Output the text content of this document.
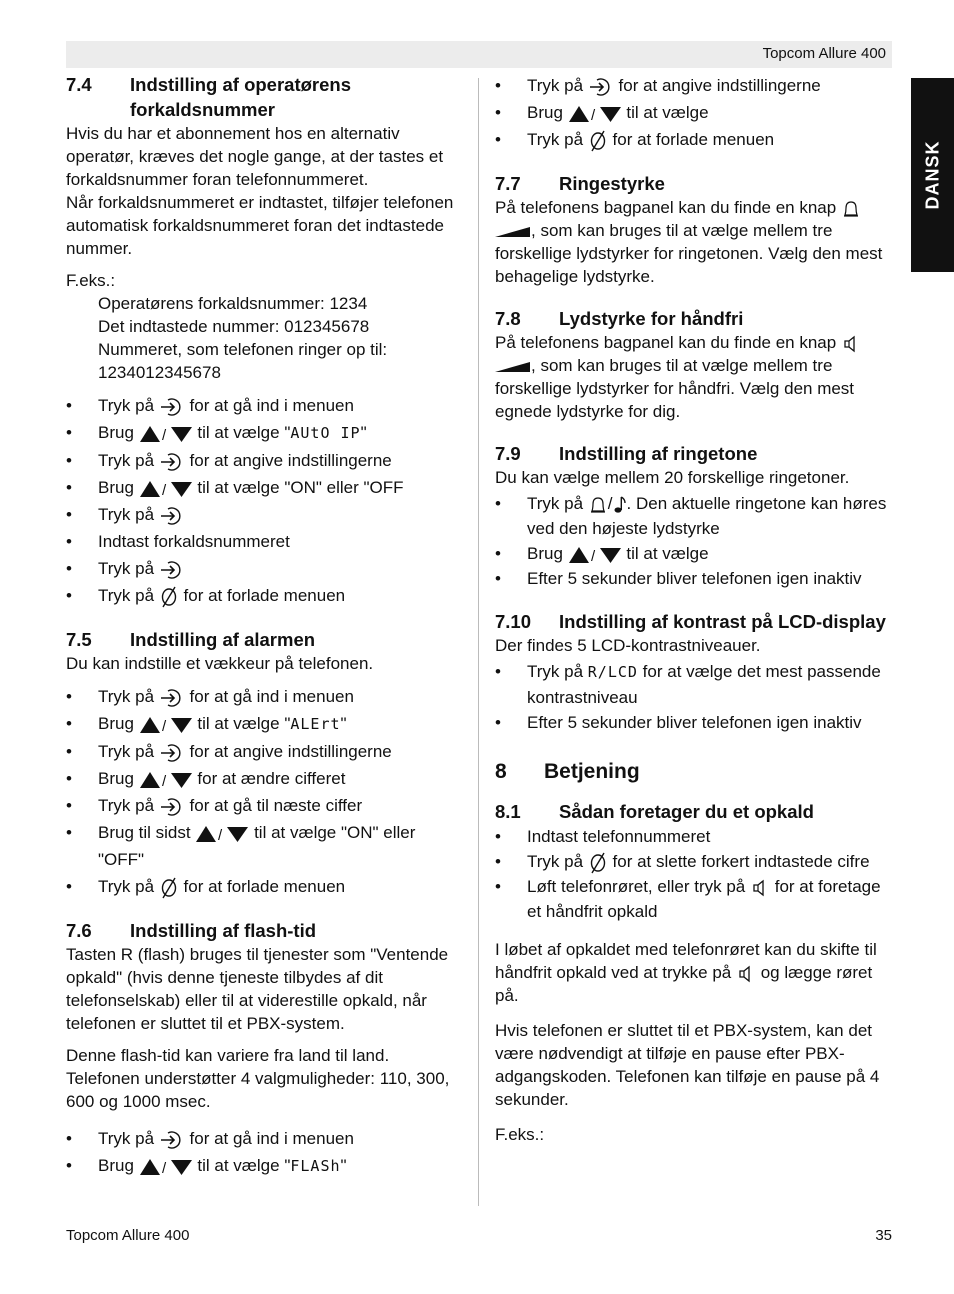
Topcom Allure 400
DANSK
7.4	Indstilling af operatørens forkaldsnummer

Hvis du har et abonnement hos en alternativ operatør, kræves det nogle gange, at der tastes et forkaldsnummer foran telefonnummeret.

Når forkaldsnummeret er indtastet, tilføjer telefonen automatisk forkaldsnummeret foran det indtastede nummer.

F.eks.:

Operatørens forkaldsnummer: 1234

Det indtastede nummer: 012345678

Nummeret, som telefonen ringer op til: 1234012345678

• Tryk på for at gå ind i menuen
• Brug / til at vælge "AUtO IP"
• Tryk på for at angive indstillingerne
• Brug / til at vælge "ON" eller "OFF
• Tryk på
• Indtast forkaldsnummeret
• Tryk på
• Tryk på for at forlade menuen
7.5	Indstilling af alarmen

Du kan indstille et vækkeur på telefonen.

• Tryk på for at gå ind i menuen
• Brug / til at vælge "ALErt"
• Tryk på for at angive indstillingerne
• Brug / for at ændre cifferet
• Tryk på for at gå til næste ciffer
• Brug til sidst / til at vælge "ON" eller "OFF"
• Tryk på for at forlade menuen
7.6	Indstilling af flash-tid

Tasten R (flash) bruges til tjenester som "Ventende opkald" (hvis denne tjeneste tilbydes af dit telefonselskab) eller til at viderestille opkald, når telefonen er sluttet til et PBX-system.

Denne flash-tid kan variere fra land til land. Telefonen understøtter 4 valgmuligheder: 110, 300, 600 og 1000 msec.

• Tryk på for at gå ind i menuen
• Brug / til at vælge "FLASh"
• Tryk på for at angive indstillingerne
• Brug / til at vælge
• Tryk på for at forlade menuen
7.7	Ringestyrke

På telefonens bagpanel kan du finde en knap  , som kan bruges til at vælge mellem tre forskellige lydstyrker for ringetonen. Vælg den mest behagelige lydstyrke.

7.8	Lydstyrke for håndfri

På telefonens bagpanel kan du finde en knap  , som kan bruges til at vælge mellem tre forskellige lydstyrker for håndfri. Vælg den mest egnede lydstyrke for dig.

7.9	Indstilling af ringetone

Du kan vælge mellem 20 forskellige ringetoner.

• Tryk på / . Den aktuelle ringetone kan høres ved den højeste lydstyrke
• Brug / til at vælge
• Efter 5 sekunder bliver telefonen igen inaktiv
7.10	Indstilling af kontrast på LCD-display

Der findes 5 LCD-kontrastniveauer.

• Tryk på R/LCD for at vælge det mest passende kontrastniveau
• Efter 5 sekunder bliver telefonen igen inaktiv
8	Betjening
8.1	Sådan foretager du et opkald
• Indtast telefonnummeret
• Tryk på for at slette forkert indtastede cifre
• Løft telefonrøret, eller tryk på for at foretage et håndfrit opkald

I løbet af opkaldet med telefonrøret kan du skifte til håndfrit opkald ved at trykke på og lægge røret på.

Hvis telefonen er sluttet til et PBX-system, kan det være nødvendigt at tilføje en pause efter PBX-adgangskoden. Telefonen kan tilføje en pause på 4 sekunder.

F.eks.:

Topcom Allure 400	35
